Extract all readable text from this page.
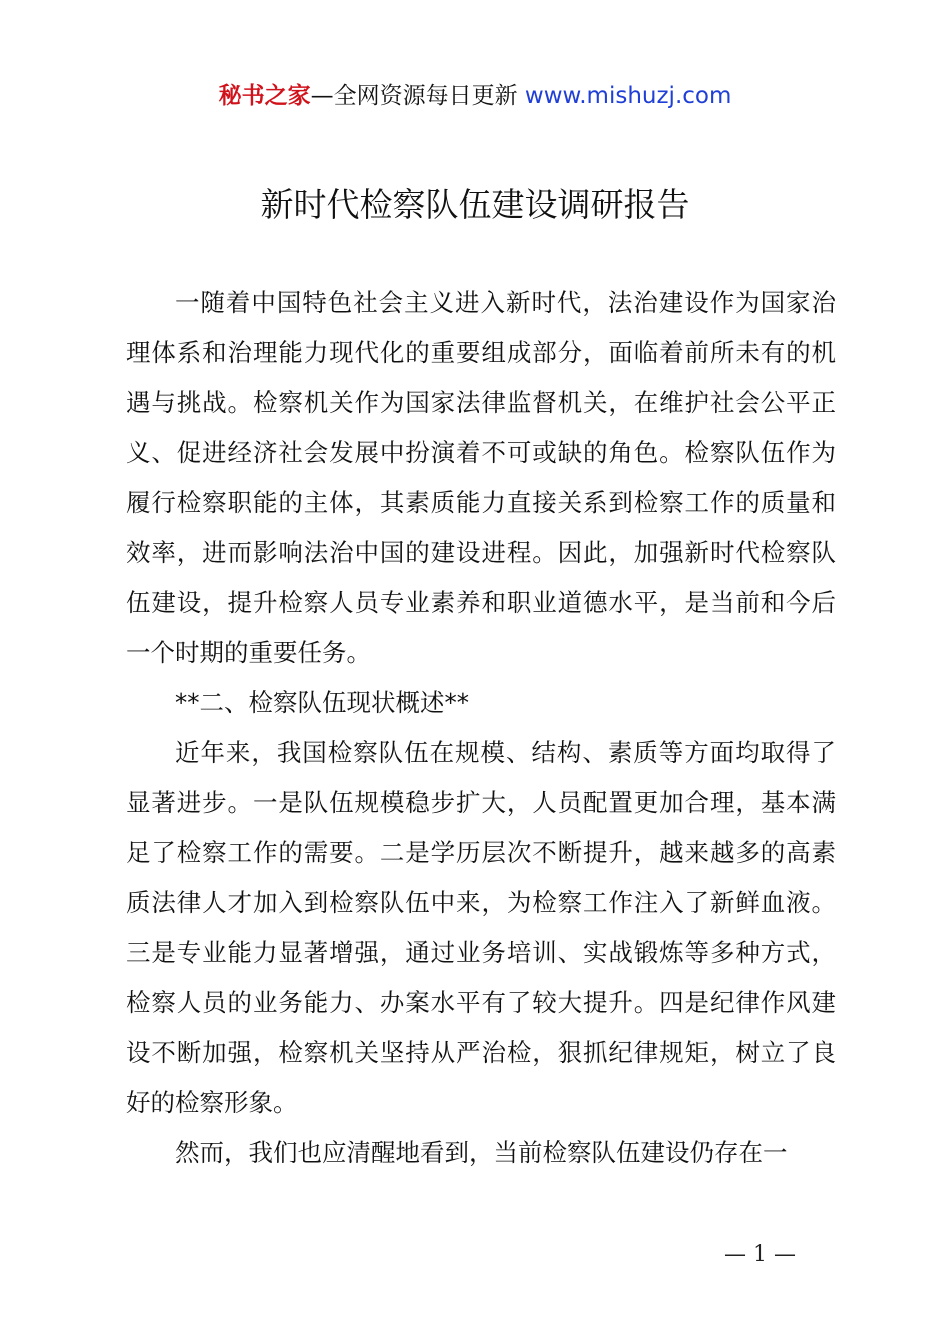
秘书之家—全网资源每日更新 www.mishuzj.com
新时代检察队伍建设调研报告

一随着中国特色社会主义进入新时代，法治建设作为国家治理体系和治理能力现代化的重要组成部分，面临着前所未有的机遇与挑战。检察机关作为国家法律监督机关，在维护社会公平正义、促进经济社会发展中扮演着不可或缺的角色。检察队伍作为履行检察职能的主体，其素质能力直接关系到检察工作的质量和效率，进而影响法治中国的建设进程。因此，加强新时代检察队伍建设，提升检察人员专业素养和职业道德水平，是当前和今后一个时期的重要任务。

**二、检察队伍现状概述**

近年来，我国检察队伍在规模、结构、素质等方面均取得了显著进步。一是队伍规模稳步扩大，人员配置更加合理，基本满足了检察工作的需要。二是学历层次不断提升，越来越多的高素质法律人才加入到检察队伍中来，为检察工作注入了新鲜血液。三是专业能力显著增强，通过业务培训、实战锻炼等多种方式，检察人员的业务能力、办案水平有了较大提升。四是纪律作风建设不断加强，检察机关坚持从严治检，狠抓纪律规矩，树立了良好的检察形象。

然而，我们也应清醒地看到，当前检察队伍建设仍存在一

— 1 —
